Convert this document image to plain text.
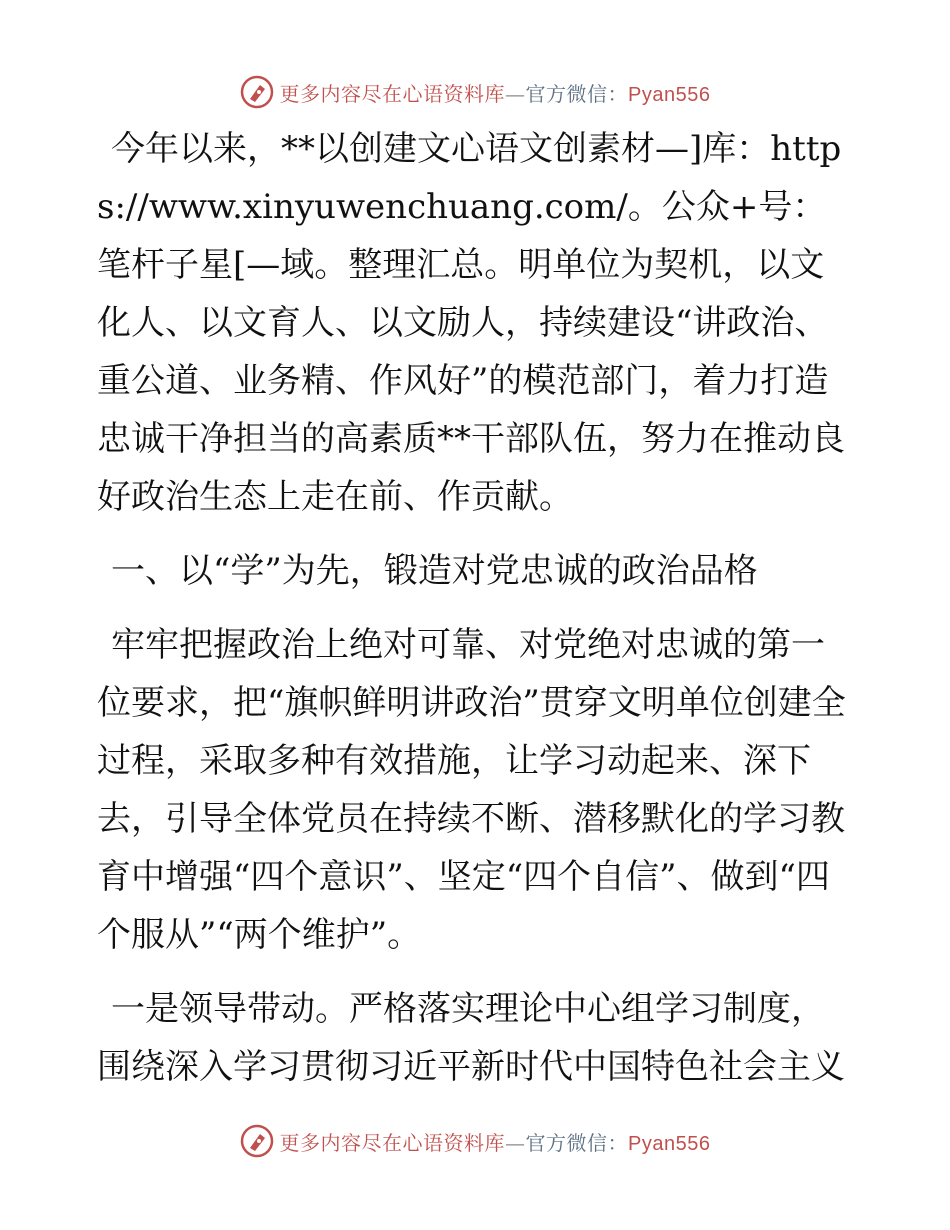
更多内容尽在心语资料库—官方微信：Pyan556

今年以来，**以创建文心语文创素材—]库：https://www.xinyuwenchuang.com/。公众+号：笔杆子星[—域。整理汇总。明单位为契机，以文化人、以文育人、以文励人，持续建设“讲政治、重公道、业务精、作风好”的模范部门，着力打造忠诚干净担当的高素质**干部队伍，努力在推动良好政治生态上走在前、作贡献。

一、以“学”为先，锻造对党忠诚的政治品格

牢牢把握政治上绝对可靠、对党绝对忠诚的第一位要求，把“旗帜鲜明讲政治”贯穿文明单位创建全过程，采取多种有效措施，让学习动起来、深下去，引导全体党员在持续不断、潜移默化的学习教育中增强“四个意识”、坚定“四个自信”、做到“四个服从”“两个维护”。

一是领导带动。严格落实理论中心组学习制度，围绕深入学习贯彻习近平新时代中国特色社会主义

更多内容尽在心语资料库—官方微信：Pyan556
